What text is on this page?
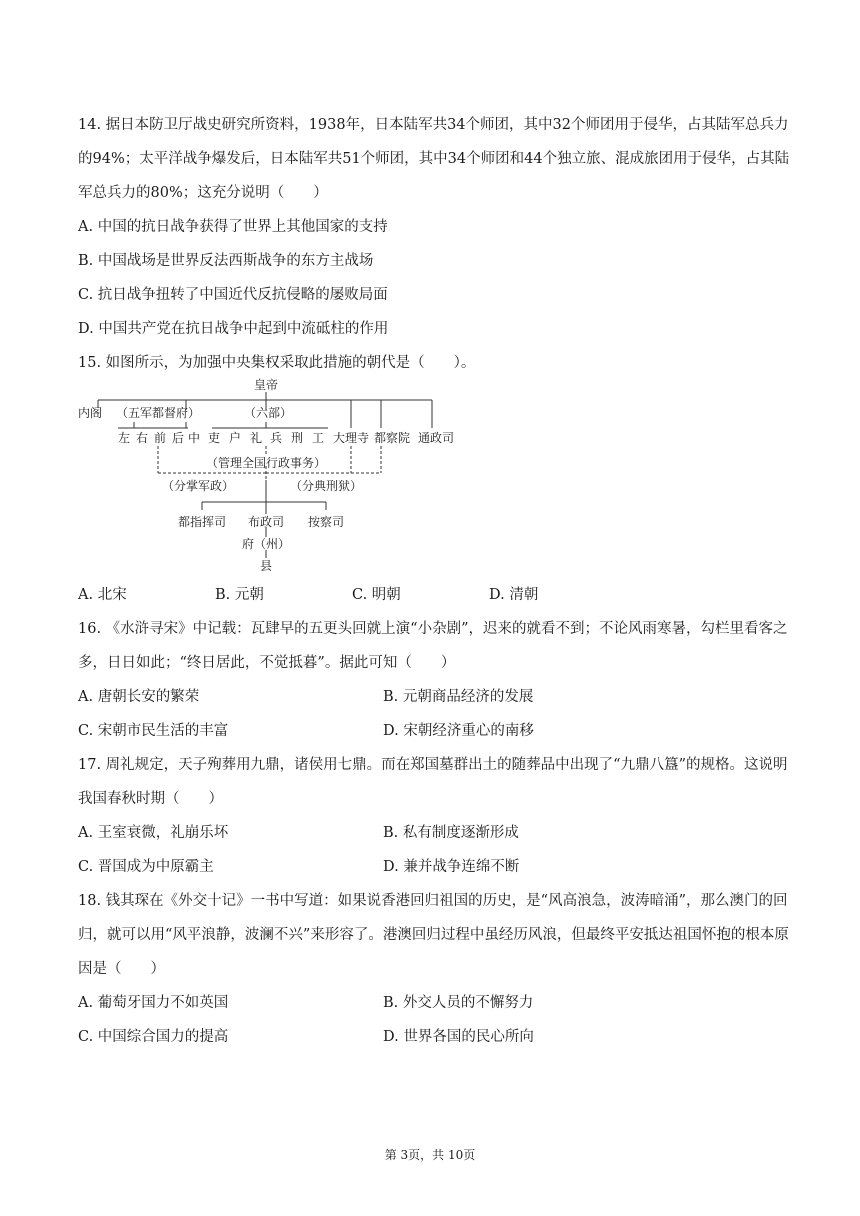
14. 据日本防卫厅战史研究所资料，1938年，日本陆军共34个师团，其中32个师团用于侵华，占其陆军总兵力的94%；太平洋战争爆发后，日本陆军共51个师团，其中34个师团和44个独立旅、混成旅团用于侵华，占其陆军总兵力的80%；这充分说明（　　）

A. 中国的抗日战争获得了世界上其他国家的支持

B. 中国战场是世界反法西斯战争的东方主战场

C. 抗日战争扭转了中国近代反抗侵略的屡败局面

D. 中国共产党在抗日战争中起到中流砥柱的作用

15. 如图所示，为加强中央集权采取此措施的朝代是（　　）。

皇帝
内阁 （五军都督府）	（六部）
左 右 前 后 中 吏 户 礼 兵 刑 工 大理寺 都察院 通政司
（管理全国行政事务）
（分掌军政）	（分典刑狱）
都指挥司 布政司 按察司
府（州）
县
A. 北宋	B. 元朝	C. 明朝	D. 清朝

16. 《水浒寻宋》中记载：瓦肆早的五更头回就上演“小杂剧”，迟来的就看不到；不论风雨寒暑，勾栏里看客之多，日日如此；“终日居此，不觉抵暮”。据此可知（　　）

A. 唐朝长安的繁荣	B. 元朝商品经济的发展
C. 宋朝市民生活的丰富	D. 宋朝经济重心的南移

17. 周礼规定，天子殉葬用九鼎，诸侯用七鼎。而在郑国墓群出土的随葬品中出现了“九鼎八簋”的规格。这说明我国春秋时期（　　）

A. 王室衰微，礼崩乐坏	B. 私有制度逐渐形成
C. 晋国成为中原霸主	D. 兼并战争连绵不断

18. 钱其琛在《外交十记》一书中写道：如果说香港回归祖国的历史，是“风高浪急，波涛暗涌”，那么澳门的回归，就可以用“风平浪静，波澜不兴”来形容了。港澳回归过程中虽经历风浪，但最终平安抵达祖国怀抱的根本原因是（　　）

A. 葡萄牙国力不如英国	B. 外交人员的不懈努力
C. 中国综合国力的提高	D. 世界各国的民心所向
第 3页，共 10页
